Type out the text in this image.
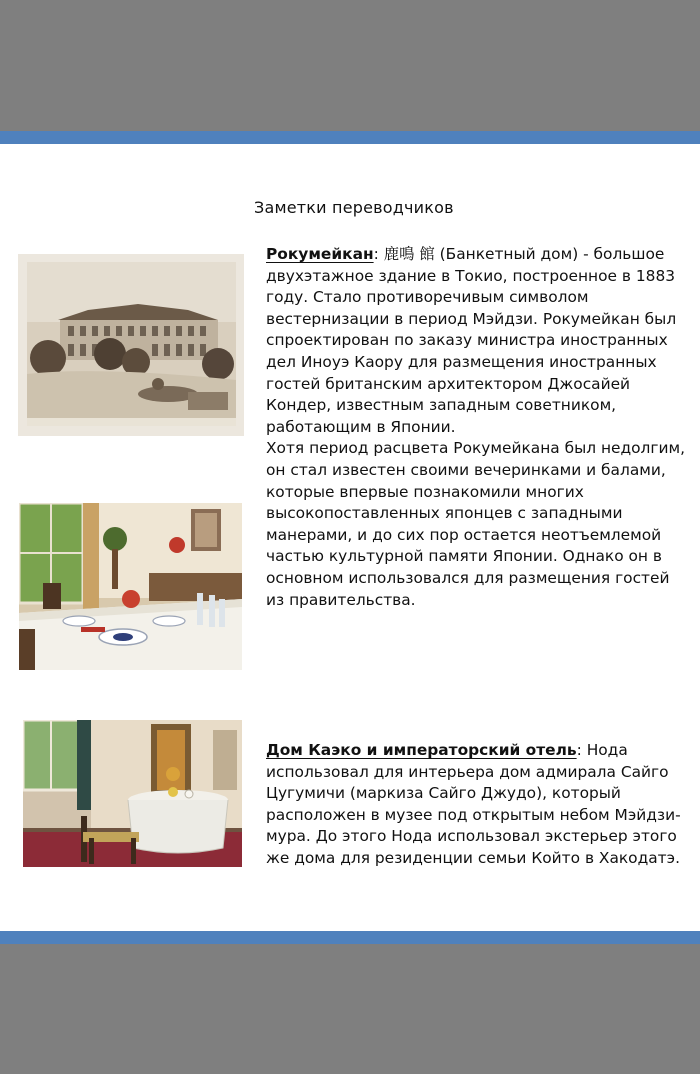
Заметки переводчиков
Рокумейкан: 鹿鳴 館 (Банкетный дом) - большое двухэтажное здание в Токио, построенное в 1883 году. Стало противоречивым символом вестернизации в период Мэйдзи. Рокумейкан был спроектирован по заказу министра иностранных дел Иноуэ Каору для размещения иностранных гостей британским архитектором Джосайей Кондер, известным западным советником, работающим в Японии.
Хотя период расцвета Рокумейкана был недолгим, он стал известен своими вечеринками и балами, которые впервые познакомили многих высокопоставленных японцев с западными манерами, и до сих пор остается неотъемлемой частью культурной памяти Японии. Однако он в основном использовался для размещения гостей из правительства.
Дом Каэко и императорский отель: Нода использовал для интерьера дом адмирала Сайго Цугумичи (маркиза Сайго Джудо), который расположен в музее под открытым небом Мэйдзи-мура. До этого Нода использовал экстерьер этого же дома для резиденции семьи Който в Хакодатэ.
